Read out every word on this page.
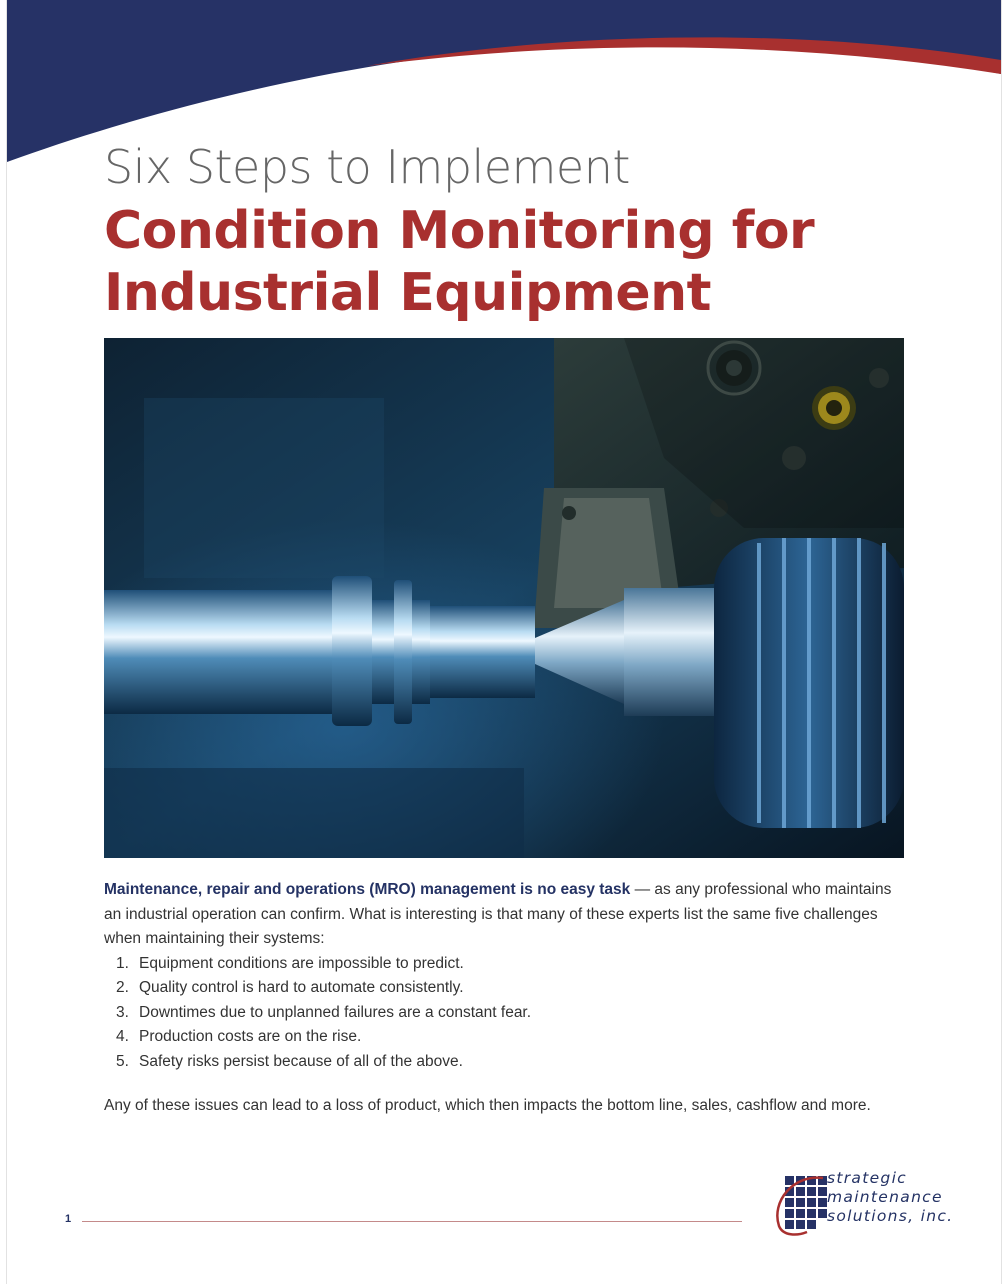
Six Steps to Implement
Condition Monitoring for Industrial Equipment

Maintenance, repair and operations (MRO) management is no easy task — as any professional who maintains an industrial operation can confirm. What is interesting is that many of these experts list the same five challenges when maintaining their systems:

1. Equipment conditions are impossible to predict.
2. Quality control is hard to automate consistently.
3. Downtimes due to unplanned failures are a constant fear.
4. Production costs are on the rise.
5. Safety risks persist because of all of the above.

Any of these issues can lead to a loss of product, which then impacts the bottom line, sales, cashflow and more.

1
strategic
maintenance
solutions, inc.
